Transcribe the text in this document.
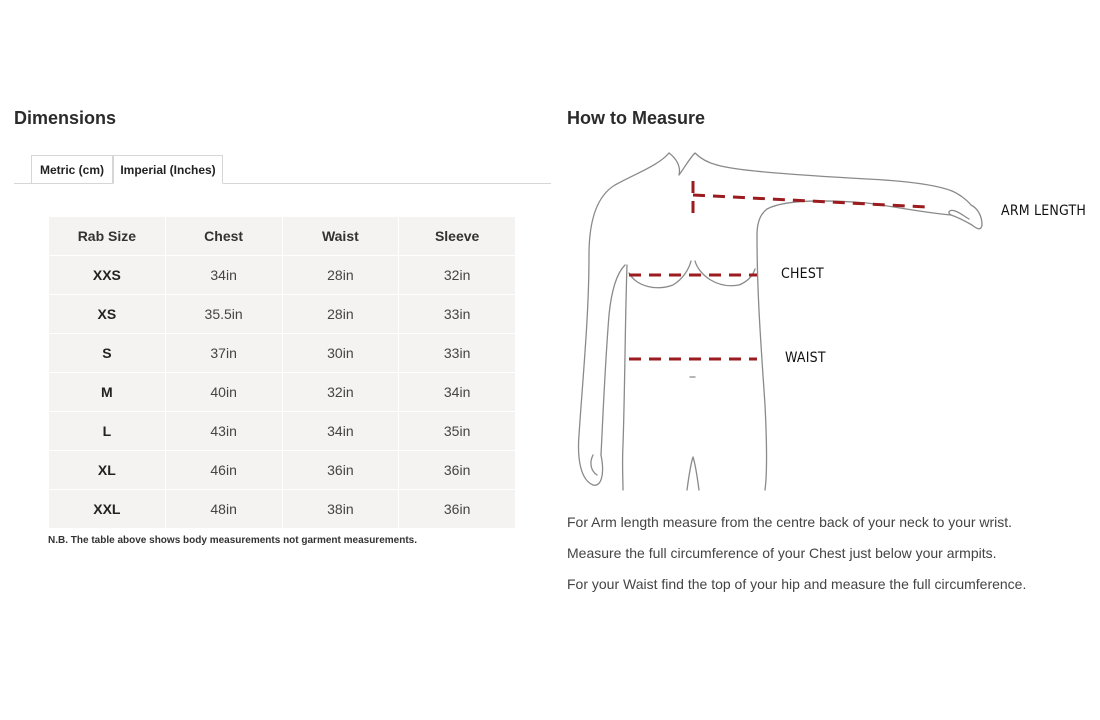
Dimensions
Metric (cm)	Imperial (Inches)
Rab Size	Chest	Waist	Sleeve
XXS	34in	28in	32in
XS	35.5in	28in	33in
S	37in	30in	33in
M	40in	32in	34in
L	43in	34in	35in
XL	46in	36in	36in
XXL	48in	38in	36in
N.B. The table above shows body measurements not garment measurements.
How to Measure
ARM LENGTH
CHEST
WAIST

For Arm length measure from the centre back of your neck to your wrist.

Measure the full circumference of your Chest just below your armpits.

For your Waist find the top of your hip and measure the full circumference.
